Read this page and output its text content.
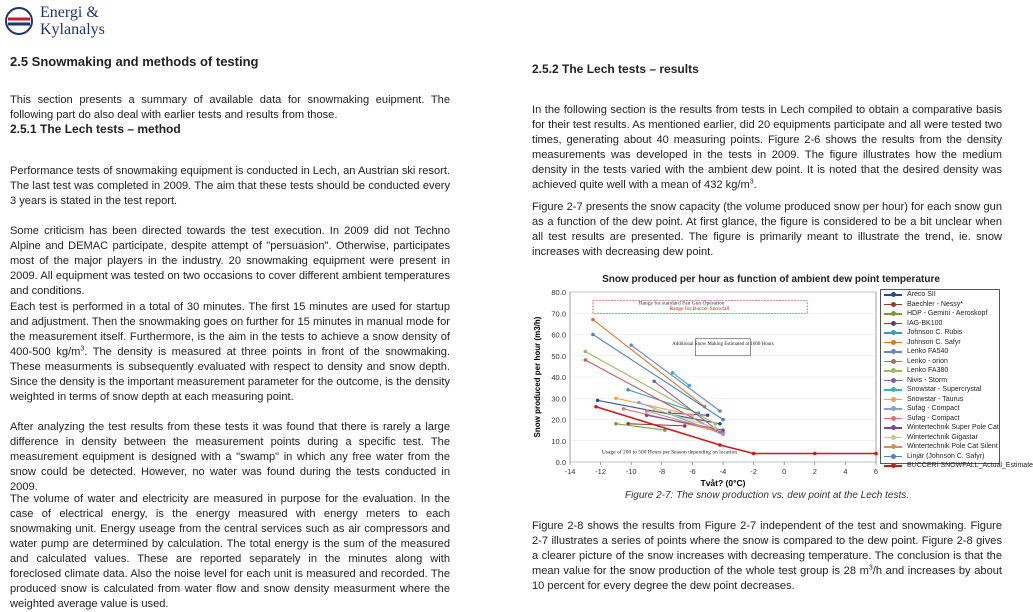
Energi &
Kylanalys
2.5 Snowmaking and methods of testing

This section presents a summary of available data for snowmaking euipment. The following part do also deal with earlier tests and results from those.

2.5.1 The Lech tests – method

Performance tests of snowmaking equipment is conducted in Lech, an Austrian ski resort. The last test was completed in 2009. The aim that these tests should be conducted every 3 years is stated in the test report.

Some criticism has been directed towards the test execution. In 2009 did not Techno Alpine and DEMAC participate, despite attempt of "persuasion". Otherwise, participates most of the major players in the industry. 20 snowmaking equipment were present in 2009. All equipment was tested on two occasions to cover different ambient temperatures and conditions.

Each test is performed in a total of 30 minutes. The first 15 minutes are used for startup and adjustment. Then the snowmaking goes on further for 15 minutes in manual mode for the measurement itself. Furthermore, is the aim in the tests to achieve a snow density of 400-500 $kg/m^3$. The density is measured at three points in front of the snowmaking. These measurments is subsequently evaluated with respect to density and snow depth. Since the density is the important measurement parameter for the outcome, is the density weighted in terms of snow depth at each measuring point.

After analyzing the test results from these tests it was found that there is rarely a large difference in density between the measurement points during a specific test. The measurement equipment is designed with a "swamp" in which any free water from the snow could be detected. However, no water was found during the tests conducted in 2009.

The volume of water and electricity are measured in purpose for the evaluation. In the case of electrical energy, is the energy measured with energy meters to each snowmaking unit. Energy useage from the central services such as air compressors and water pump are determined by calculation. The total energy is the sum of the measured and calculated values. These are reported separately in the minutes along with foreclosed climate data. Also the noise level for each unit is measured and recorded. The produced snow is calculated from water flow and snow density measurment where the weighted average value is used.

2.5.2 The Lech tests – results

In the following section is the results from tests in Lech compiled to obtain a comparative basis for their test results. As mentioned earlier, did 20 equipments participate and all were tested two times, generating about 40 measuring points. Figure 2-6 shows the results from the density measurements was developed in the tests in 2009. The figure illustrates how the medium density in the tests varied with the ambient dew point. It is noted that the desired density was achieved quite well with a mean of 432 $kg/m^3$.

Figure 2-7 presents the snow capacity (the volume produced snow per hour) for each snow gun as a function of the dew point. At first glance, the figure is considered to be a bit unclear when all test results are presented. The figure is primarily meant to illustrate the trend, ie. snow increases with decreasing dew point.

Snow produced per hour as function of ambient dew point temperature
0.0
10.0
20.0
30.0
40.0
50.0
60.0
70.0
80.0
-14	-12	-10	-8	-6	-4	-2	0	2	4	6
Tvåt? (0°C)
Snow produced per hour (m3/h)
Range for standard Fan Gun Operation
Range for Buccer Snowfall
Additional Snow Making Estimated at 1000 Hours
Usage of 200 to 500 Hours per Season depending on location
Areco SII
Baechler - Nessy*
HDP - Gemini - Aeroskopf
IAG-BK100
Johnson C. Rubis
Johnson C. Safyr
Lenko FA540
Lenko - orion
Lenko FA380
Nivis - Storm
Snowstar - Supercrystal
Snowstar - Taurus
Sufag - Compact
Sufag - Compact
Wintertechnik Super Pole Cat
Wintertechnik Gigastar
Wintertechnik Pole Cat Silent
Linjär (Johnson C. Safyr)
BUCCERI SNOWFALL_Actual_Estimate
Figure 2-7: The snow production vs. dew point at the Lech tests.

Figure 2-8 shows the results from Figure 2-7 independent of the test and snowmaking. Figure 2-7 illustrates a series of points where the snow is compared to the dew point. Figure 2-8 gives a clearer picture of the snow increases with decreasing temperature. The conclusion is that the mean value for the snow production of the whole test group is 28 $m^3/h$ and increases by about 10 percent for every degree the dew point decreases.
